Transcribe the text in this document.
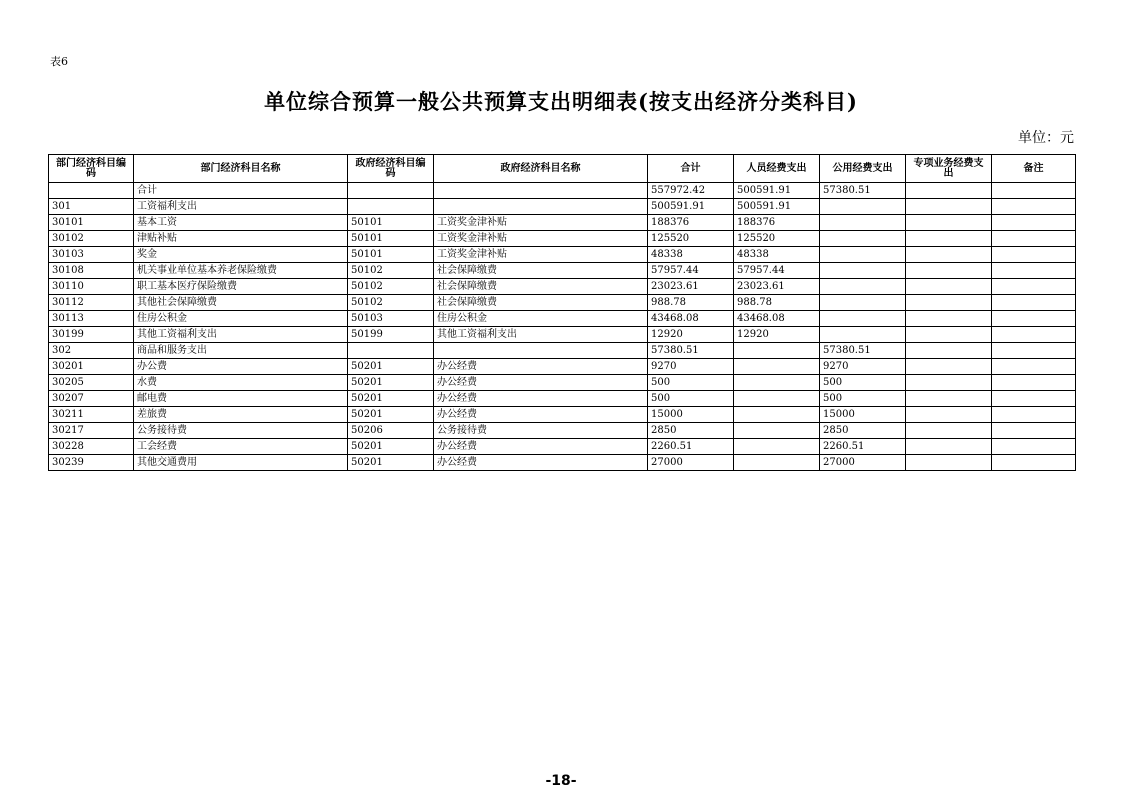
表6
单位综合预算一般公共预算支出明细表(按支出经济分类科目)
单位：元
部门经济科目编码	部门经济科目名称	政府经济科目编码	政府经济科目名称	合计	人员经费支出	公用经费支出	专项业务经费支出	备注
	合计			557972.42	500591.91	57380.51		
301	工资福利支出			500591.91	500591.91			
30101	基本工资	50101	工资奖金津补贴	188376	188376			
30102	津贴补贴	50101	工资奖金津补贴	125520	125520			
30103	奖金	50101	工资奖金津补贴	48338	48338			
30108	机关事业单位基本养老保险缴费	50102	社会保障缴费	57957.44	57957.44			
30110	职工基本医疗保险缴费	50102	社会保障缴费	23023.61	23023.61			
30112	其他社会保障缴费	50102	社会保障缴费	988.78	988.78			
30113	住房公积金	50103	住房公积金	43468.08	43468.08			
30199	其他工资福利支出	50199	其他工资福利支出	12920	12920			
302	商品和服务支出			57380.51		57380.51		
30201	办公费	50201	办公经费	9270		9270		
30205	水费	50201	办公经费	500		500		
30207	邮电费	50201	办公经费	500		500		
30211	差旅费	50201	办公经费	15000		15000		
30217	公务接待费	50206	公务接待费	2850		2850		
30228	工会经费	50201	办公经费	2260.51		2260.51		
30239	其他交通费用	50201	办公经费	27000		27000		
-18-
